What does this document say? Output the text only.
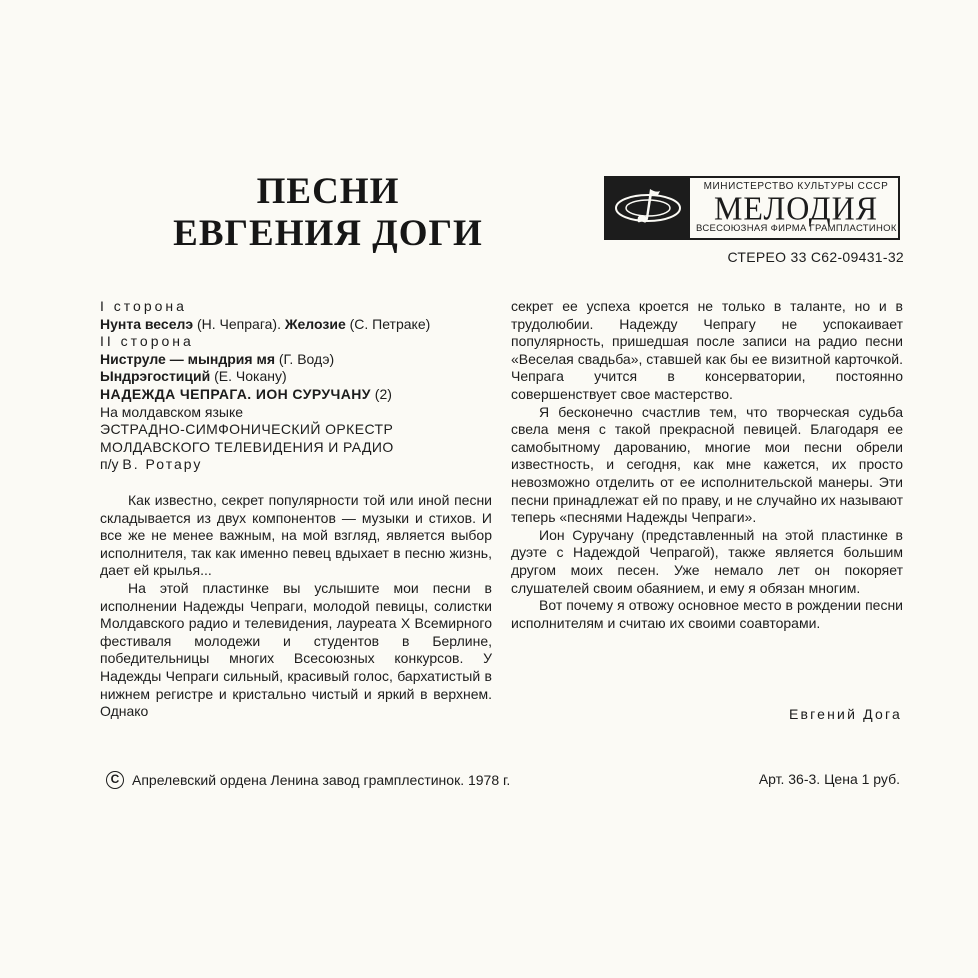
ПЕСНИ
ЕВГЕНИЯ ДОГИ
МИНИСТЕРСТВО КУЛЬТУРЫ СССР
МЕЛОДИЯ
ВСЕСОЮЗНАЯ ФИРМА ГРАМПЛАСТИНОК
СТЕРЕО 33 С62-09431-32
I сторона
Нунта веселэ (Н. Чепрага). Желозие (С. Петраке)
II сторона
Ниструле — мындрия мя (Г. Водэ)
Ындрэгостиций (Е. Чокану)
НАДЕЖДА ЧЕПРАГА. ИОН СУРУЧАНУ (2)
На молдавском языке
ЭСТРАДНО-СИМФОНИЧЕСКИЙ ОРКЕСТР
МОЛДАВСКОГО ТЕЛЕВИДЕНИЯ И РАДИО
п/у В. Ротару

Как известно, секрет популярности той или иной песни складывается из двух компонентов — музыки и стихов. И все же не менее важным, на мой взгляд, является выбор исполнителя, так как именно певец вдыхает в песню жизнь, дает ей крылья...

На этой пластинке вы услышите мои песни в исполнении Надежды Чепраги, молодой певицы, солистки Молдавского радио и телевидения, лауреата X Всемирного фестиваля молодежи и студентов в Берлине, победительницы многих Всесоюзных конкурсов. У Надежды Чепраги сильный, красивый голос, бархатистый в нижнем регистре и кристально чистый и яркий в верхнем. Однако

секрет ее успеха кроется не только в таланте, но и в трудолюбии. Надежду Чепрагу не успокаивает популярность, пришедшая после записи на радио песни «Веселая свадьба», ставшей как бы ее визитной карточкой. Чепрага учится в консерватории, постоянно совершенствует свое мастерство.

Я бесконечно счастлив тем, что творческая судьба свела меня с такой прекрасной певицей. Благодаря ее самобытному дарованию, многие мои песни обрели известность, и сегодня, как мне кажется, их просто невозможно отделить от ее исполнительской манеры. Эти песни принадлежат ей по праву, и не случайно их называют теперь «песнями Надежды Чепраги».

Ион Суручану (представленный на этой пластинке в дуэте с Надеждой Чепрагой), также является большим другом моих песен. Уже немало лет он покоряет слушателей своим обаянием, и ему я обязан многим.

Вот почему я отвожу основное место в рождении песни исполнителям и считаю их своими соавторами.

Евгений Дога
C Апрелевский ордена Ленина завод грамплестинок. 1978 г.	Арт. 36-3. Цена 1 руб.
